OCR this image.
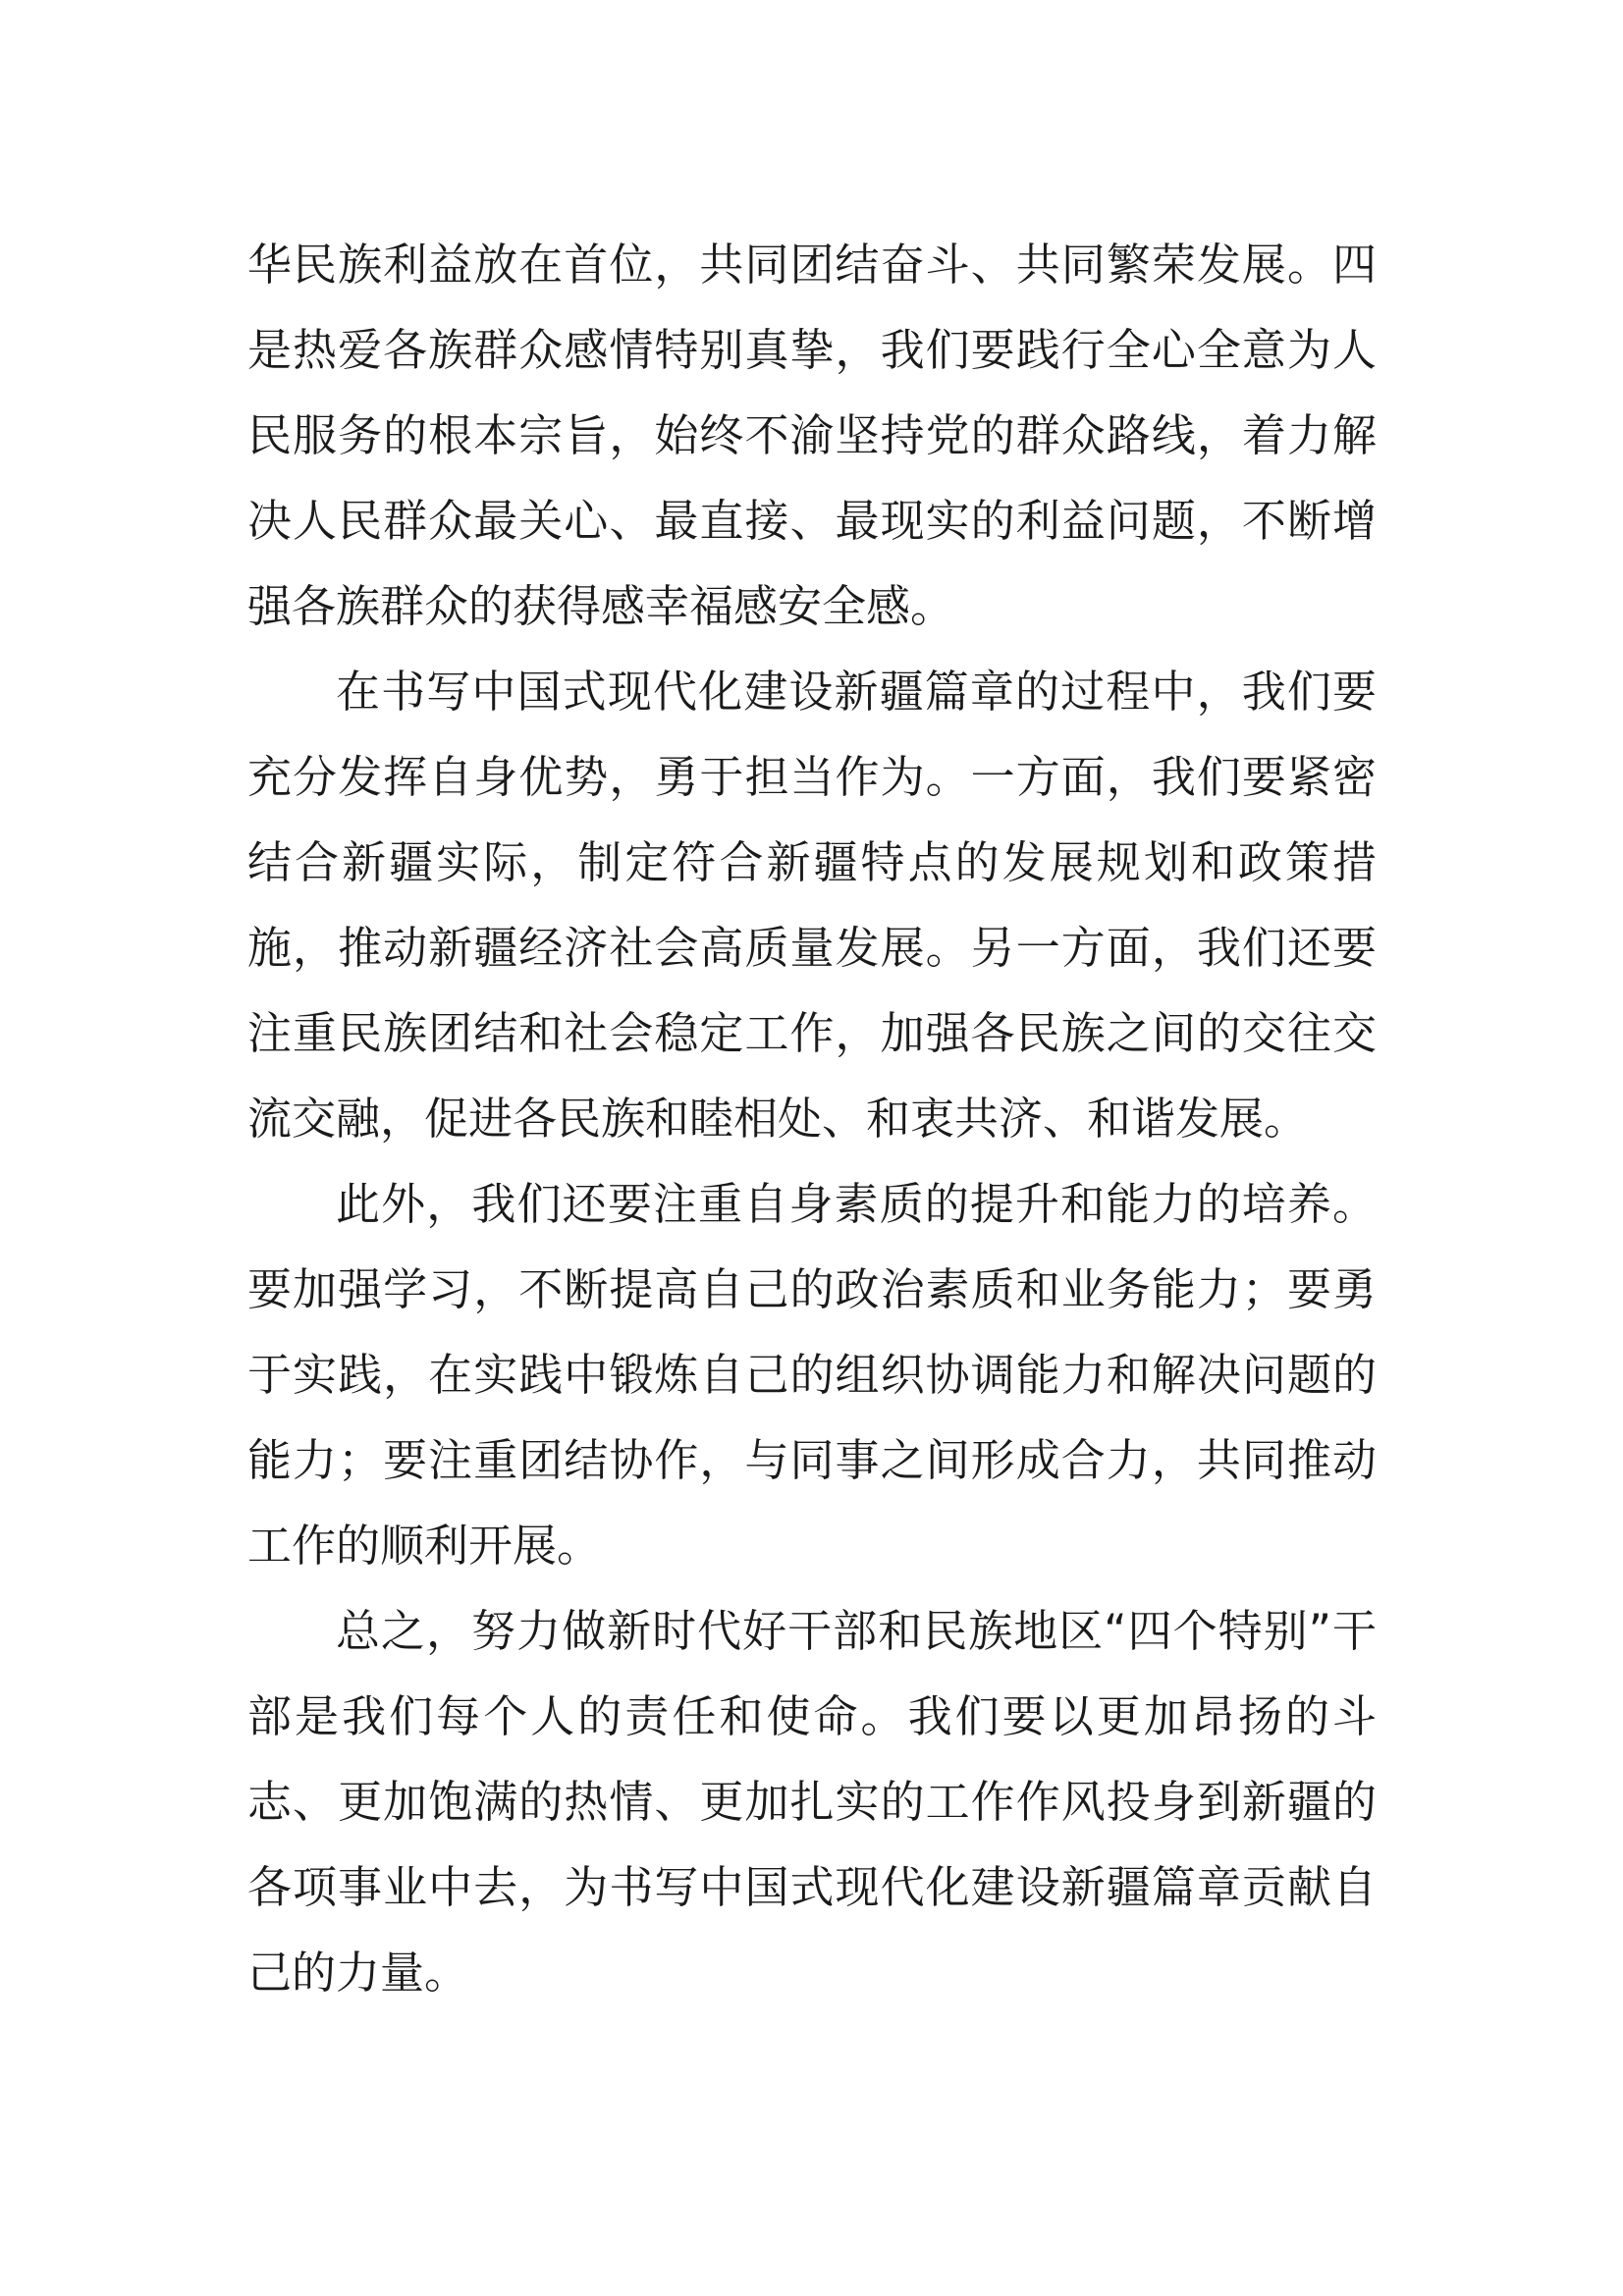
华民族利益放在首位，共同团结奋斗、共同繁荣发展。四是热爱各族群众感情特别真挚，我们要践行全心全意为人民服务的根本宗旨，始终不渝坚持党的群众路线，着力解决人民群众最关心、最直接、最现实的利益问题，不断增强各族群众的获得感幸福感安全感。

在书写中国式现代化建设新疆篇章的过程中，我们要充分发挥自身优势，勇于担当作为。一方面，我们要紧密结合新疆实际，制定符合新疆特点的发展规划和政策措施，推动新疆经济社会高质量发展。另一方面，我们还要注重民族团结和社会稳定工作，加强各民族之间的交往交流交融，促进各民族和睦相处、和衷共济、和谐发展。

此外，我们还要注重自身素质的提升和能力的培养。要加强学习，不断提高自己的政治素质和业务能力；要勇于实践，在实践中锻炼自己的组织协调能力和解决问题的能力；要注重团结协作，与同事之间形成合力，共同推动工作的顺利开展。

总之，努力做新时代好干部和民族地区“四个特别”干部是我们每个人的责任和使命。我们要以更加昂扬的斗志、更加饱满的热情、更加扎实的工作作风投身到新疆的各项事业中去，为书写中国式现代化建设新疆篇章贡献自己的力量。
